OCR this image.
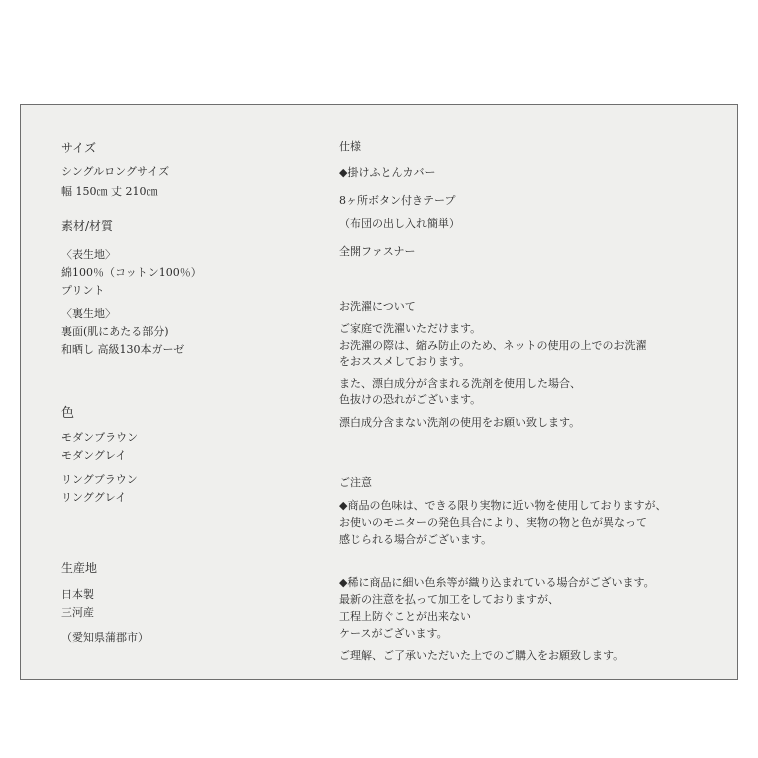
サイズ
シングルロングサイズ
幅 150㎝ 丈 210㎝
素材/材質
〈表生地〉
綿100％（コットン100％）
プリント
〈裏生地〉
裏面(肌にあたる部分)
和晒し 高級130本ガーゼ
色
モダンブラウン
モダングレイ
リングブラウン
リンググレイ
生産地
日本製
三河産
（愛知県蒲郡市）
仕様
◆掛けふとんカバー
8ヶ所ボタン付きテープ
（布団の出し入れ簡単）
全開ファスナー
お洗濯について
ご家庭で洗濯いただけます。
お洗濯の際は、縮み防止のため、ネットの使用の上でのお洗濯
をおススメしております。
また、漂白成分が含まれる洗剤を使用した場合、
色抜けの恐れがございます。
漂白成分含まない洗剤の使用をお願い致します。
ご注意
◆商品の色味は、できる限り実物に近い物を使用しておりますが、
お使いのモニターの発色具合により、実物の物と色が異なって
感じられる場合がございます。
◆稀に商品に細い色糸等が織り込まれている場合がございます。
最新の注意を払って加工をしておりますが、
工程上防ぐことが出来ない
ケースがございます。
ご理解、ご了承いただいた上でのご購入をお願致します。
